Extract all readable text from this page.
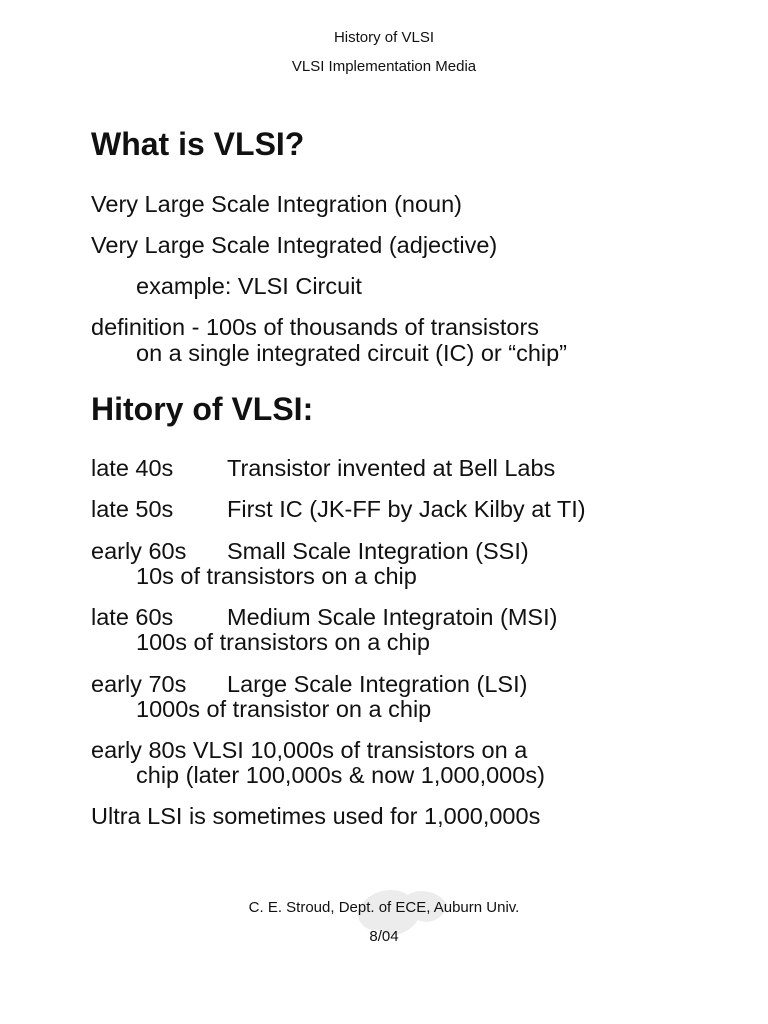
History of VLSI
VLSI Implementation Media
What is VLSI?
Very Large Scale Integration (noun)
Very Large Scale Integrated (adjective)
example: VLSI Circuit
definition - 100s of thousands of transistors
on a single integrated circuit (IC) or “chip”
Hitory of VLSI:
late 40s Transistor invented at Bell Labs
late 50s First IC (JK-FF by Jack Kilby at TI)
early 60s Small Scale Integration (SSI)
10s of transistors on a chip
late 60s Medium Scale Integratoin (MSI)
100s of transistors on a chip
early 70s Large Scale Integration (LSI)
1000s of transistor on a chip
early 80s VLSI 10,000s of transistors on a
chip (later 100,000s & now 1,000,000s)
Ultra LSI is sometimes used for 1,000,000s
C. E. Stroud, Dept. of ECE, Auburn Univ.
8/04
